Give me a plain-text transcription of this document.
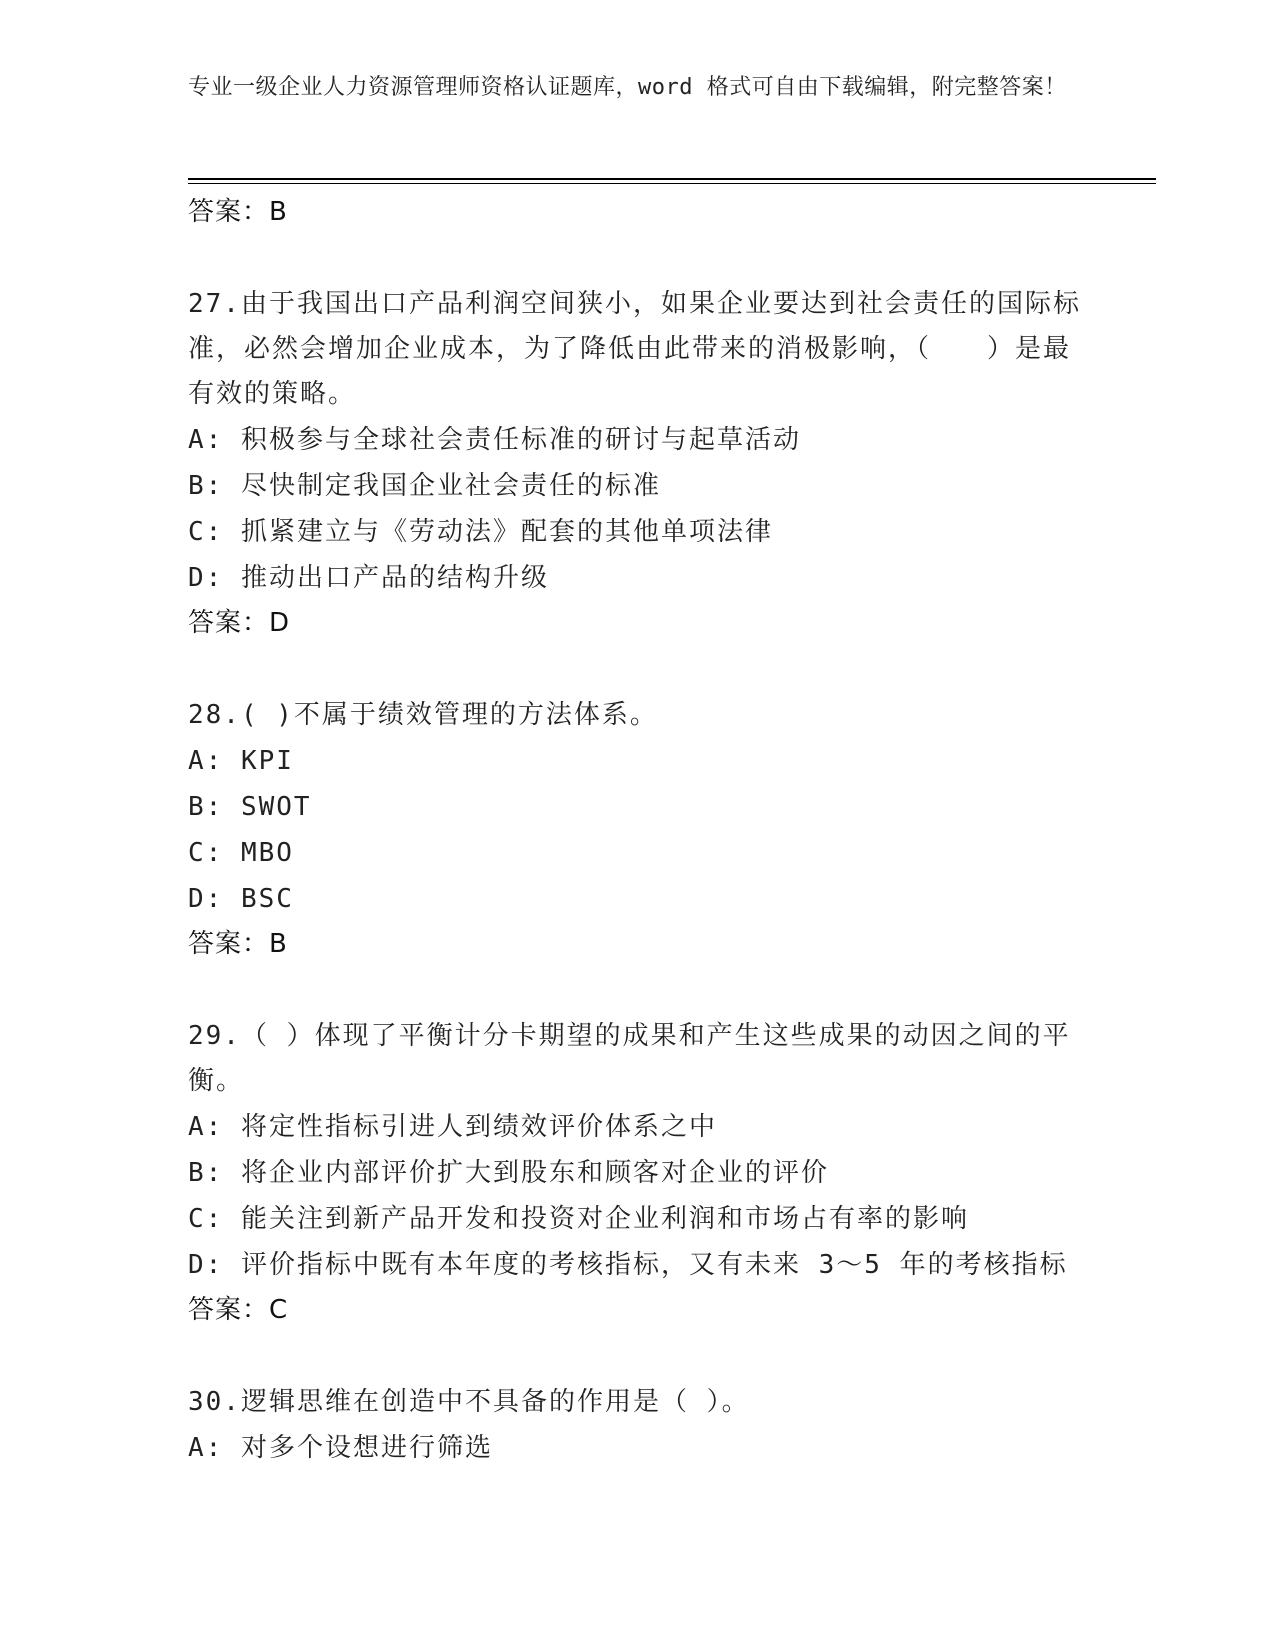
专业一级企业人力资源管理师资格认证题库，word 格式可自由下载编辑，附完整答案！
答案：B
27.由于我国出口产品利润空间狭小，如果企业要达到社会责任的国际标准，必然会增加企业成本，为了降低由此带来的消极影响，（　　）是最有效的策略。
A: 积极参与全球社会责任标准的研讨与起草活动
B: 尽快制定我国企业社会责任的标准
C: 抓紧建立与《劳动法》配套的其他单项法律
D: 推动出口产品的结构升级
答案：D
28.( )不属于绩效管理的方法体系。
A: KPI
B: SWOT
C: MBO
D: BSC
答案：B
29.（ ）体现了平衡计分卡期望的成果和产生这些成果的动因之间的平衡。
A: 将定性指标引进人到绩效评价体系之中
B: 将企业内部评价扩大到股东和顾客对企业的评价
C: 能关注到新产品开发和投资对企业利润和市场占有率的影响
D: 评价指标中既有本年度的考核指标，又有未来 3～5 年的考核指标
答案：C
30.逻辑思维在创造中不具备的作用是（ ）。
A: 对多个设想进行筛选
